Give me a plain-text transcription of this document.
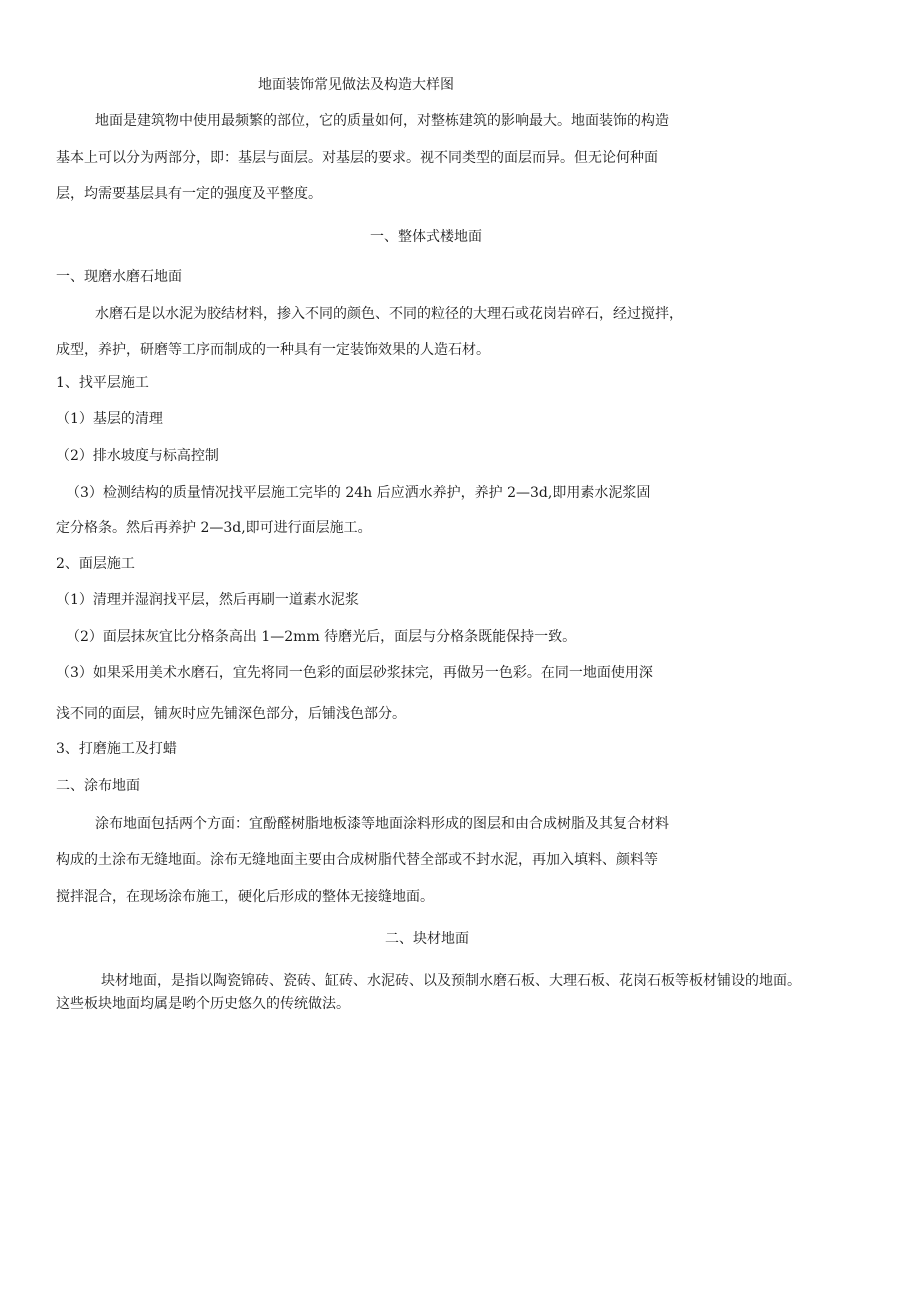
地面装饰常见做法及构造大样图

地面是建筑物中使用最频繁的部位，它的质量如何，对整栋建筑的影响最大。地面装饰的构造

基本上可以分为两部分，即：基层与面层。对基层的要求。视不同类型的面层而异。但无论何种面

层，均需要基层具有一定的强度及平整度。

一、整体式楼地面

一、现磨水磨石地面

水磨石是以水泥为胶结材料，掺入不同的颜色、不同的粒径的大理石或花岗岩碎石，经过搅拌，

成型，养护，研磨等工序而制成的一种具有一定装饰效果的人造石材。

1、找平层施工

（1）基层的清理

（2）排水坡度与标高控制

（3）检测结构的质量情况找平层施工完毕的 24h 后应洒水养护，养护 2—3d,即用素水泥浆固

定分格条。然后再养护 2—3d,即可进行面层施工。

2、面层施工

（1）清理并湿润找平层，然后再刷一道素水泥浆

（2）面层抹灰宜比分格条高出 1—2mm 待磨光后，面层与分格条既能保持一致。

（3）如果采用美术水磨石，宜先将同一色彩的面层砂浆抹完，再做另一色彩。在同一地面使用深

浅不同的面层，铺灰时应先铺深色部分，后铺浅色部分。

3、打磨施工及打蜡

二、涂布地面

涂布地面包括两个方面：宜酚醛树脂地板漆等地面涂料形成的图层和由合成树脂及其复合材料

构成的土涂布无缝地面。涂布无缝地面主要由合成树脂代替全部或不封水泥，再加入填料、颜料等

搅拌混合，在现场涂布施工，硬化后形成的整体无接缝地面。

二、块材地面

块材地面，是指以陶瓷锦砖、瓷砖、缸砖、水泥砖、以及预制水磨石板、大理石板、花岗石板等板材铺设的地面。

这些板块地面均属是哟个历史悠久的传统做法。
